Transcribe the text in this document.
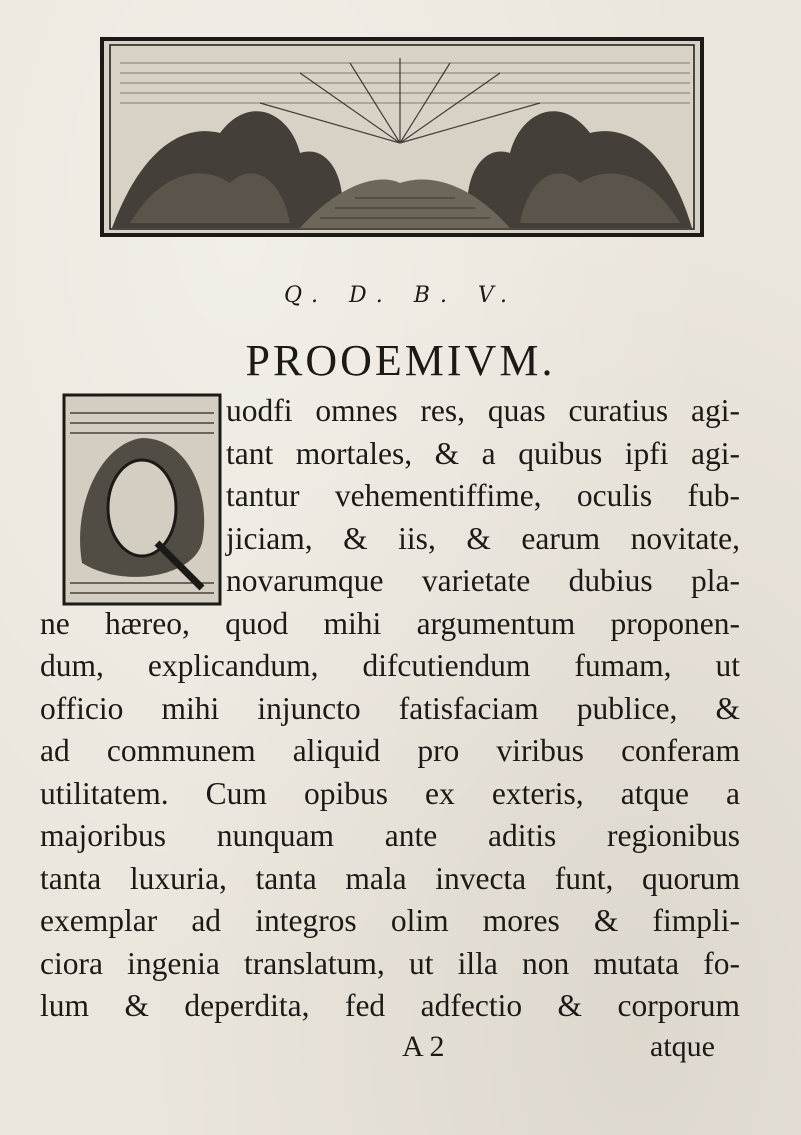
Q. D. B. V.
PROOEMIVM.
uodfi omnes res, quas curatius agi-
tant mortales, & a quibus ipfi agi-
tantur vehementiffime, oculis fub-
jiciam, & iis, & earum novitate,
novarumque varietate dubius pla-
ne hæreo, quod mihi argumentum proponen-
dum, explicandum, difcutiendum fumam, ut
officio mihi injuncto fatisfaciam publice, &
ad communem aliquid pro viribus conferam
utilitatem. Cum opibus ex exteris, atque a
majoribus nunquam ante aditis regionibus
tanta luxuria, tanta mala invecta funt, quorum
exemplar ad integros olim mores & fimpli-
ciora ingenia translatum, ut illa non mutata fo-
lum & deperdita, fed adfectio & corporum
A 2	atque
